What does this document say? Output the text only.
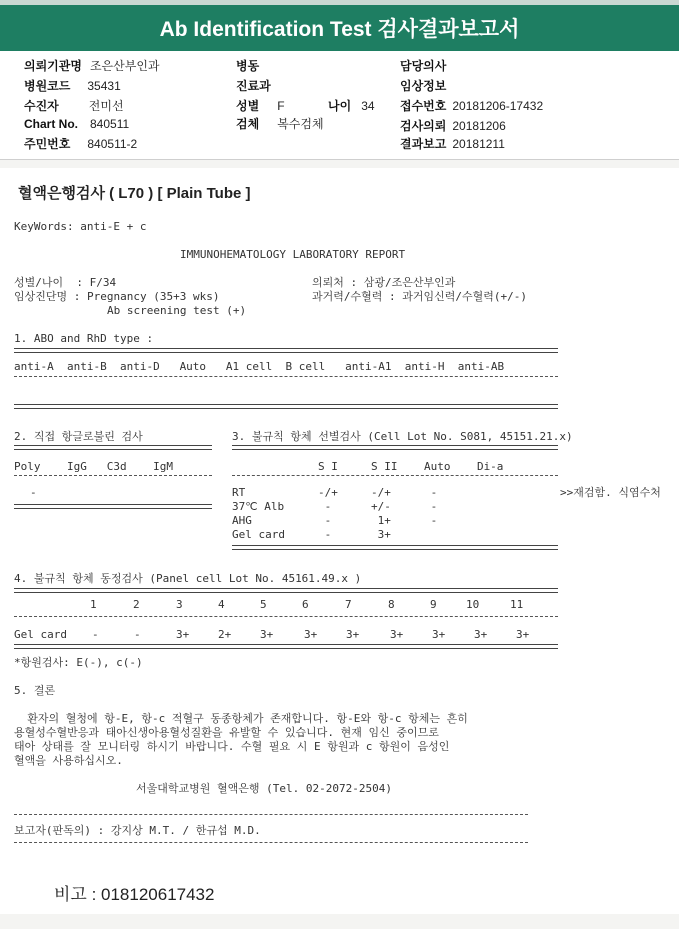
Ab Identification Test 검사결과보고서
의뢰기관명 조은산부인과
병원코드 35431
수진자	전미선
Chart No. 840511
주민번호 840511-2
병동
진료과
성별 F	나이 34
검체 복수검체
담당의사
임상정보
접수번호 20181206-17432
검사의뢰 20181206
결과보고 20181211
혈액은행검사 ( L70 ) [ Plain Tube ]
KeyWords: anti-E + c
IMMUNOHEMATOLOGY LABORATORY REPORT
성별/나이  : F/34
임상진단명 : Pregnancy (35+3 wks)
Ab screening test (+)
의뢰처 : 삼광/조은산부인과
과거력/수혈력 : 과거임신력/수혈력(+/-)
1. ABO and RhD type :
anti-A  anti-B  anti-D   Auto   A1 cell  B cell   anti-A1  anti-H  anti-AB
2. 직접 항글로불린 검사
Poly    IgG   C3d    IgM
-
3. 불규칙 항체 선별검사 (Cell Lot No. S081, 45151.21.x)
S I     S II    Auto    Di-a
RT	-/+     -/+      -
37℃ Alb	-      +/-      -
AHG	-       1+      -
Gel card	-       3+
>>재검함. 식염수처
4. 불규칙 항체 동정검사 (Panel cell Lot No. 45161.49.x )
1	2	3	4	5	6	7	8	9	10	11
Gel card -	-	3+	2+	3+	3+	3+	3+	3+	3+	3+
*항원검사: E(-), c(-)
5. 결론
환자의 혈청에 항-E, 항-c 적혈구 동종항체가 존재합니다. 항-E와 항-c 항체는 흔히
용혈성수혈반응과 태아신생아용혈성질환을 유발할 수 있습니다. 현재 임신 중이므로
태아 상태를 잘 모니터링 하시기 바랍니다. 수혈 필요 시 E 항원과 c 항원이 음성인
혈액을 사용하십시오.
서울대학교병원 혈액은행 (Tel. 02-2072-2504)
보고자(판독의) : 강지상 M.T. / 한규섭 M.D.
비고 : 018120617432
